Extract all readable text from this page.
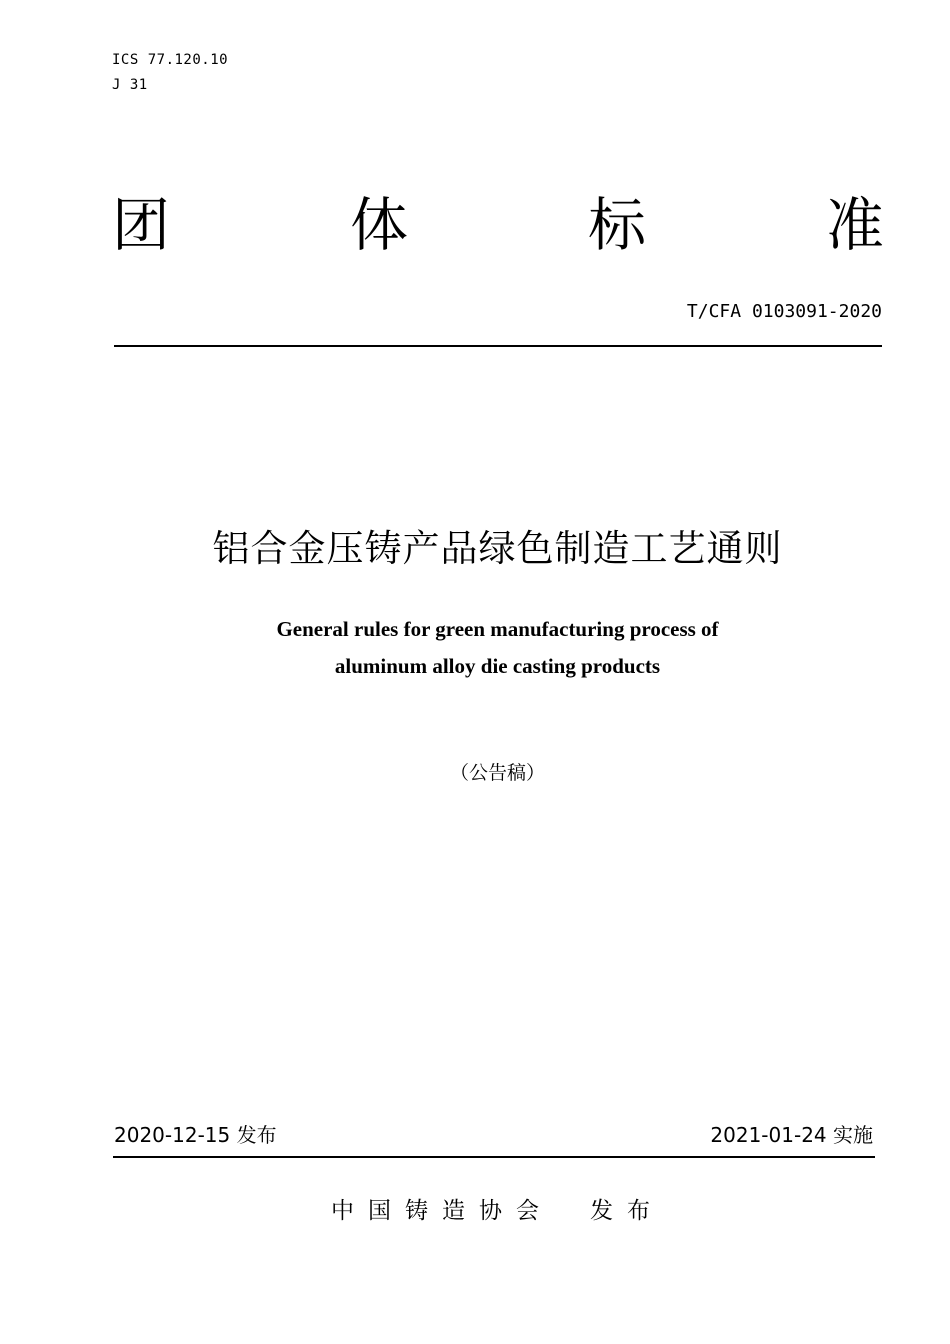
ICS 77.120.10
J 31
团	体	标	准
T/CFA 0103091-2020
铝合金压铸产品绿色制造工艺通则
General rules for green manufacturing process of
aluminum alloy die casting products
（公告稿）
2020-12-15 发布	2021-01-24 实施
中国铸造协会　发布
